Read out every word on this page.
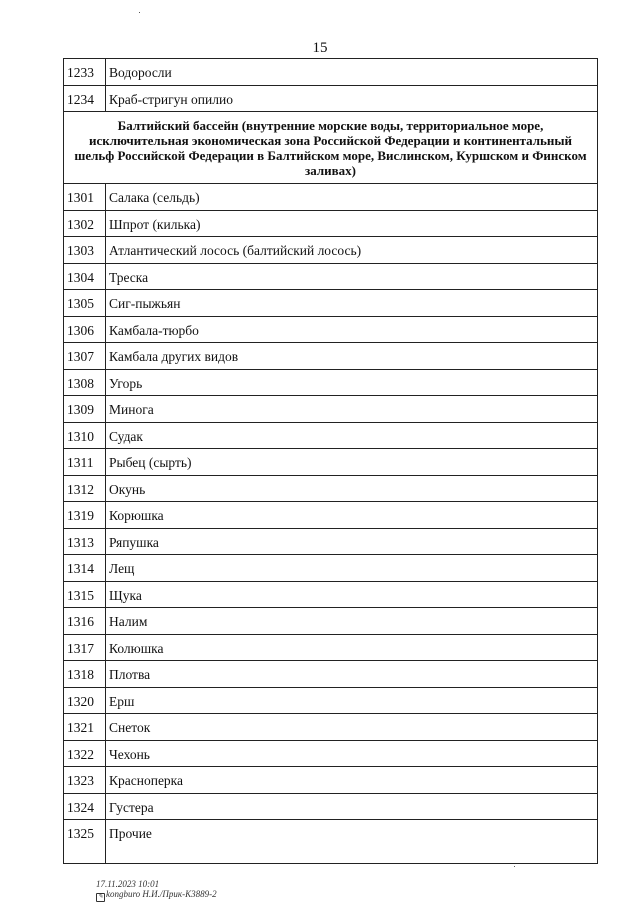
15
1233	Водоросли
1234	Краб-стригун опилио
Балтийский бассейн (внутренние морские воды, территориальное море, исключительная экономическая зона Российской Федерации и континентальный шельф Российской Федерации в Балтийском море, Вислинском, Куршском и Финском заливах)	
1301	Салака (сельдь)
1302	Шпрот (килька)
1303	Атлантический лосось (балтийский лосось)
1304	Треска
1305	Сиг-пыжьян
1306	Камбала-тюрбо
1307	Камбала других видов
1308	Угорь
1309	Минога
1310	Судак
1311	Рыбец (сырть)
1312	Окунь
1319	Корюшка
1313	Ряпушка
1314	Лещ
1315	Щука
1316	Налим
1317	Колюшка
1318	Плотва
1320	Ерш
1321	Снеток
1322	Чехонь
1323	Красноперка
1324	Густера
1325	Прочие
17.11.2023 10:01
✎ kongburo Н.И./Прик-К3889-2
